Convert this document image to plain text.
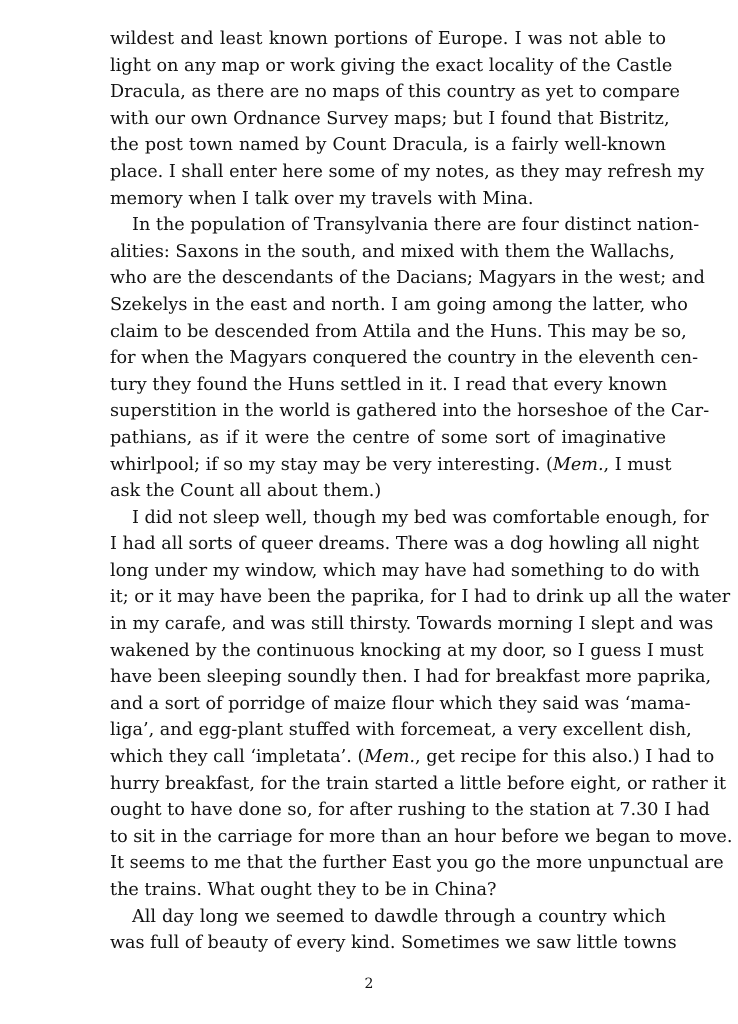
wildest and least known portions of Europe. I was not able to
light on any map or work giving the exact locality of the Castle
Dracula, as there are no maps of this country as yet to compare
with our own Ordnance Survey maps; but I found that Bistritz,
the post town named by Count Dracula, is a fairly well-known
place. I shall enter here some of my notes, as they may refresh my
memory when I talk over my travels with Mina.
In the population of Transylvania there are four distinct nation-
alities: Saxons in the south, and mixed with them the Wallachs,
who are the descendants of the Dacians; Magyars in the west; and
Szekelys in the east and north. I am going among the latter, who
claim to be descended from Attila and the Huns. This may be so,
for when the Magyars conquered the country in the eleventh cen-
tury they found the Huns settled in it. I read that every known
superstition in the world is gathered into the horseshoe of the Car-
pathians, as if it were the centre of some sort of imaginative
whirlpool; if so my stay may be very interesting. (Mem., I must
ask the Count all about them.)
I did not sleep well, though my bed was comfortable enough, for
I had all sorts of queer dreams. There was a dog howling all night
long under my window, which may have had something to do with
it; or it may have been the paprika, for I had to drink up all the water
in my carafe, and was still thirsty. Towards morning I slept and was
wakened by the continuous knocking at my door, so I guess I must
have been sleeping soundly then. I had for breakfast more paprika,
and a sort of porridge of maize flour which they said was ‘mama-
liga’, and egg-plant stuffed with forcemeat, a very excellent dish,
which they call ‘impletata’. (Mem., get recipe for this also.) I had to
hurry breakfast, for the train started a little before eight, or rather it
ought to have done so, for after rushing to the station at 7.30 I had
to sit in the carriage for more than an hour before we began to move.
It seems to me that the further East you go the more unpunctual are
the trains. What ought they to be in China?
All day long we seemed to dawdle through a country which
was full of beauty of every kind. Sometimes we saw little towns
2
